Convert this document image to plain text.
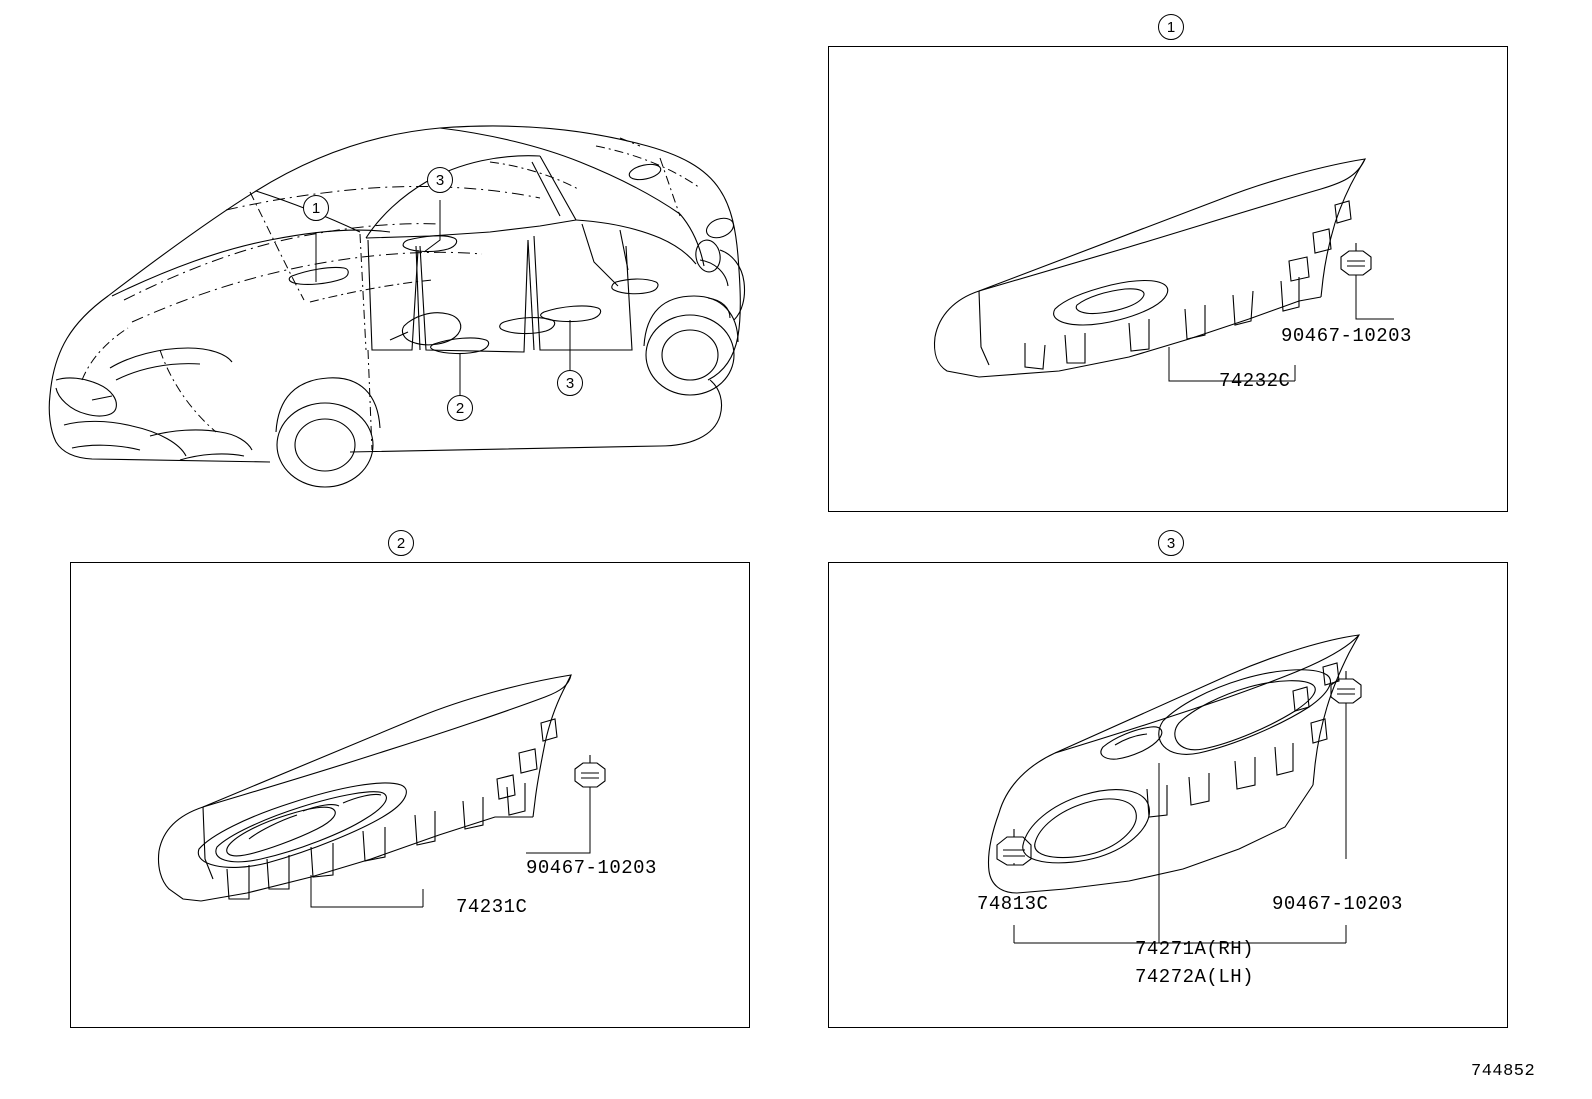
1
2
3
3
1
90467-10203
74232C
2
90467-10203
74231C
3
74813C	90467-10203
74271A(RH)
74272A(LH)
744852
